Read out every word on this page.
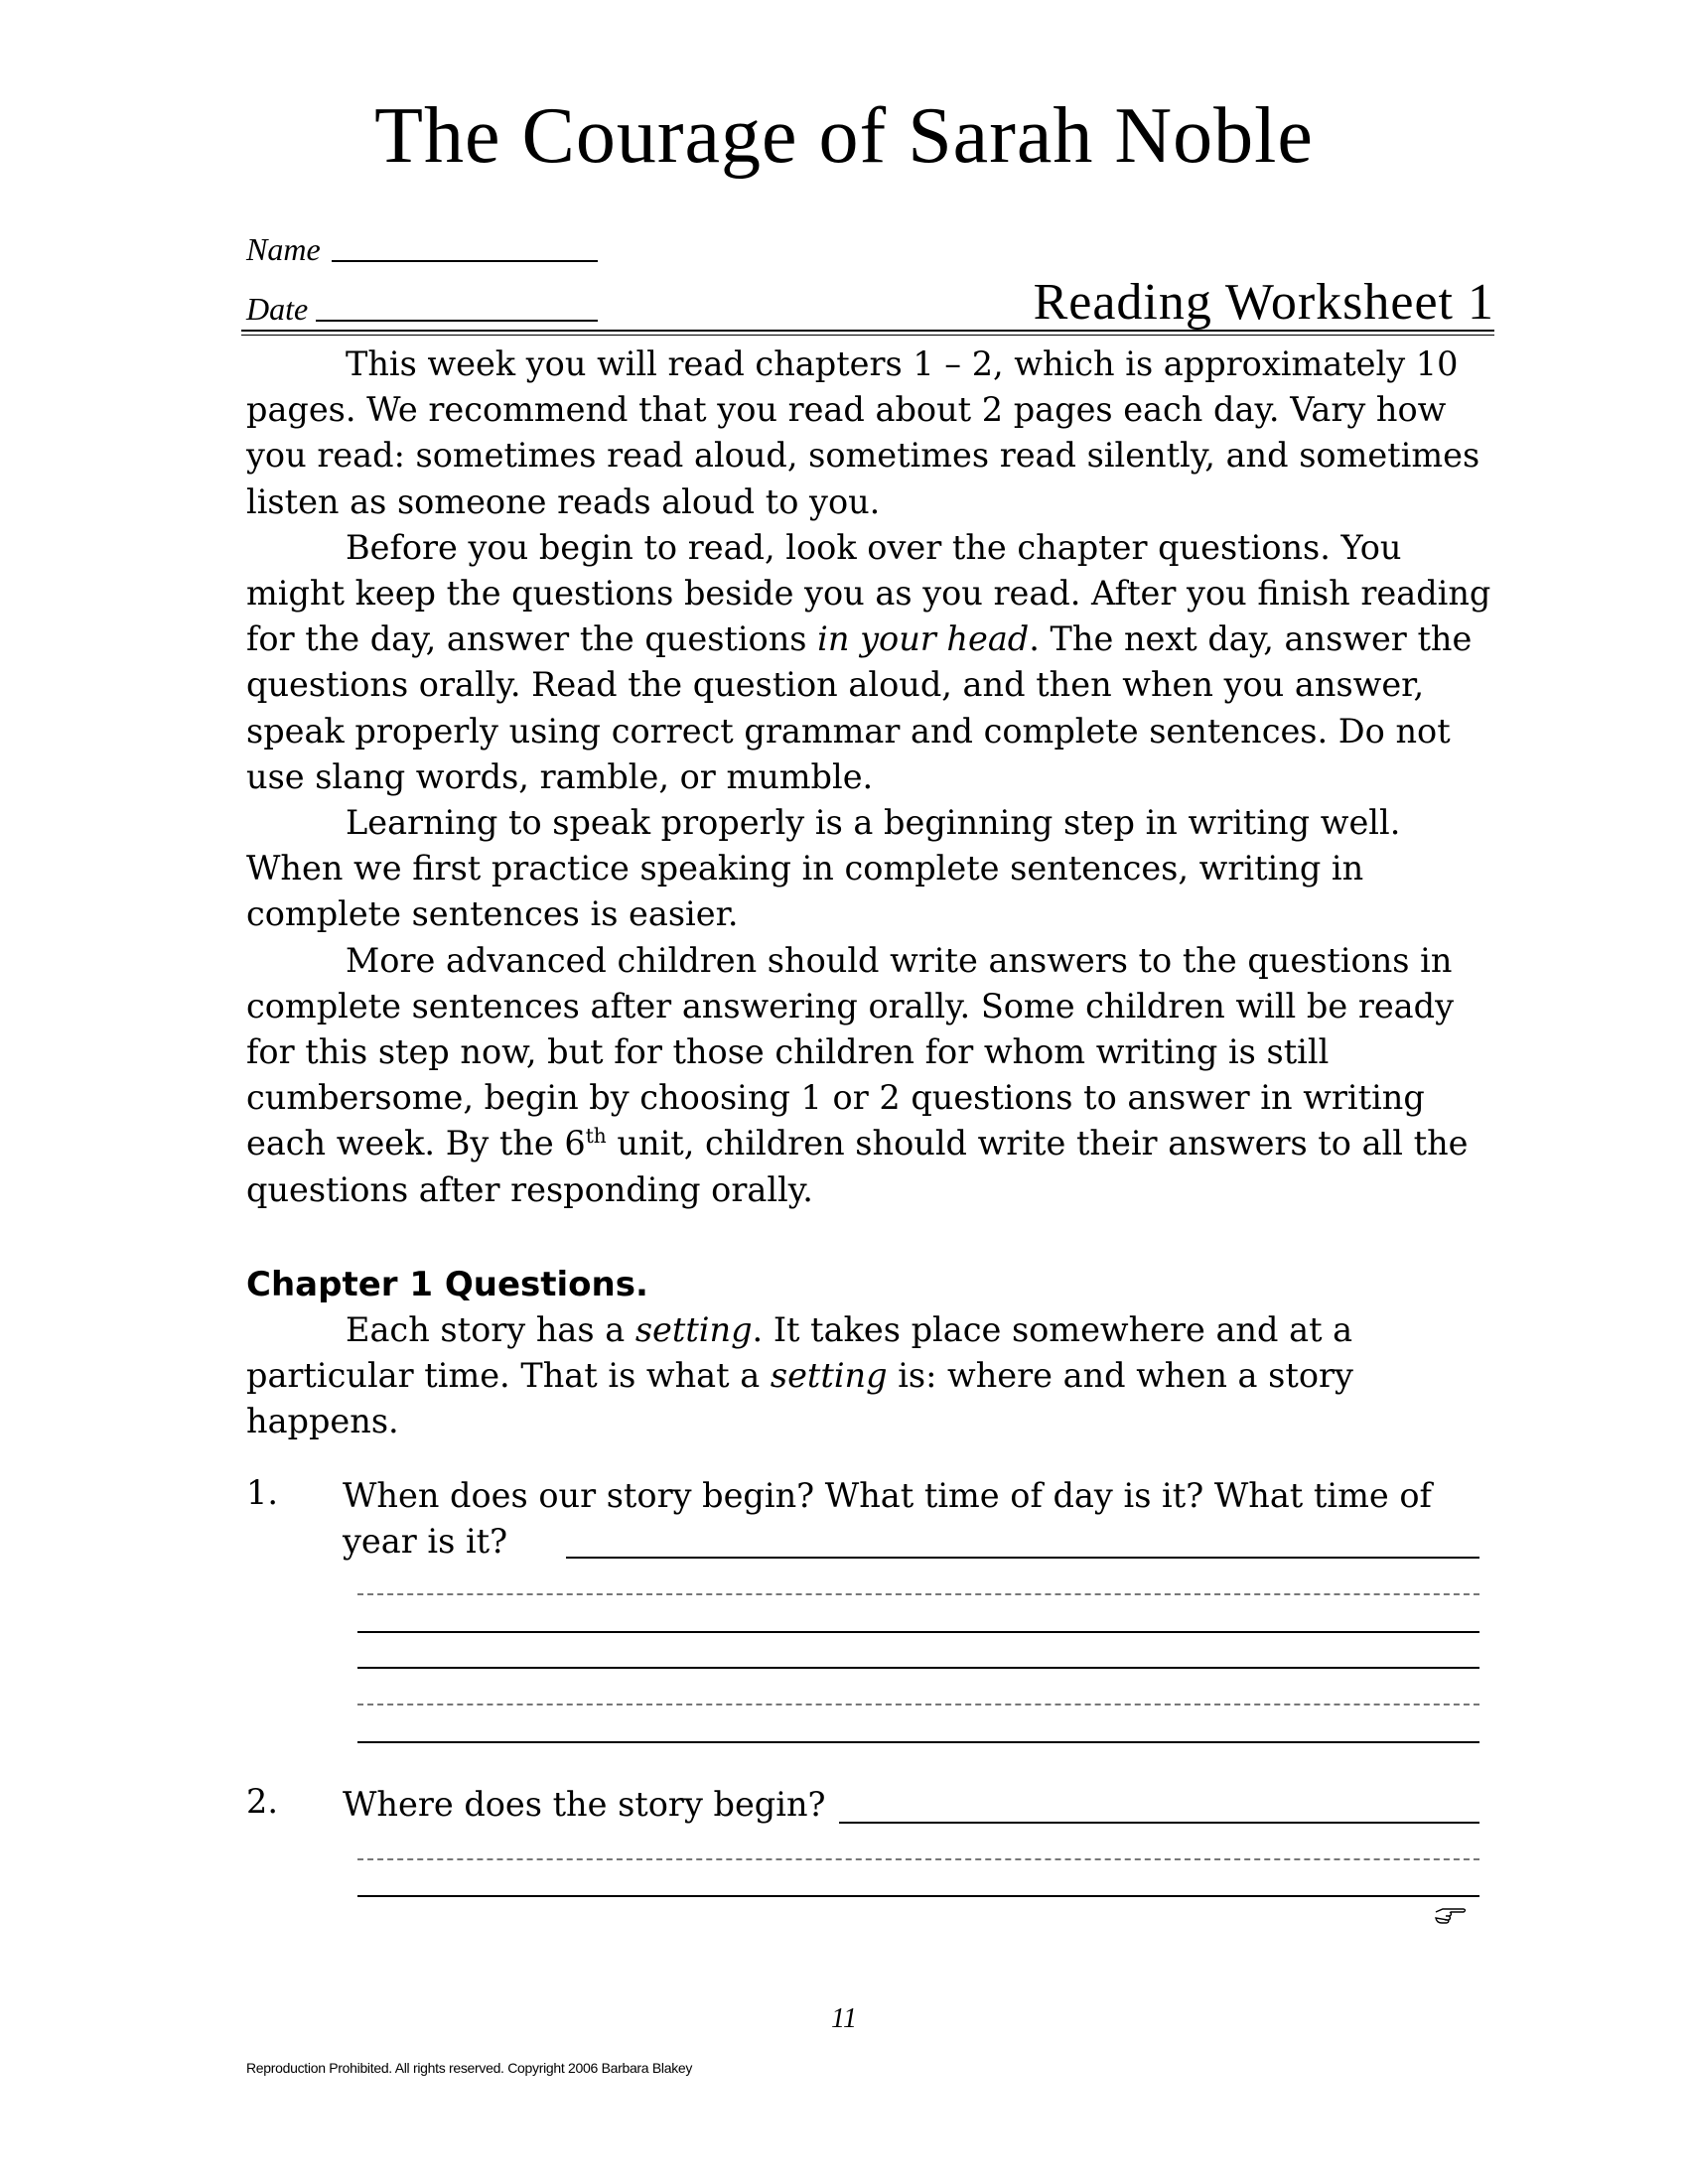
The Courage of Sarah Noble
Name
Date	Reading Worksheet 1

This week you will read chapters 1 – 2, which is approximately 10 pages. We recommend that you read about 2 pages each day. Vary how you read: sometimes read aloud, sometimes read silently, and sometimes listen as someone reads aloud to you.

Before you begin to read, look over the chapter questions. You might keep the questions beside you as you read. After you finish reading for the day, answer the questions in your head. The next day, answer the questions orally. Read the question aloud, and then when you answer, speak properly using correct grammar and complete sentences. Do not use slang words, ramble, or mumble.

Learning to speak properly is a beginning step in writing well. When we first practice speaking in complete sentences, writing in complete sentences is easier.

More advanced children should write answers to the questions in complete sentences after answering orally. Some children will be ready for this step now, but for those children for whom writing is still cumbersome, begin by choosing 1 or 2 questions to answer in writing each week. By the 6th unit, children should write their answers to all the questions after responding orally.

Chapter 1 Questions.

Each story has a setting. It takes place somewhere and at a particular time. That is what a setting is: where and when a story happens.

1. When does our story begin? What time of day is it? What time of year is it?
2. Where does the story begin?
11
Reproduction Prohibited. All rights reserved. Copyright 2006 Barbara Blakey
